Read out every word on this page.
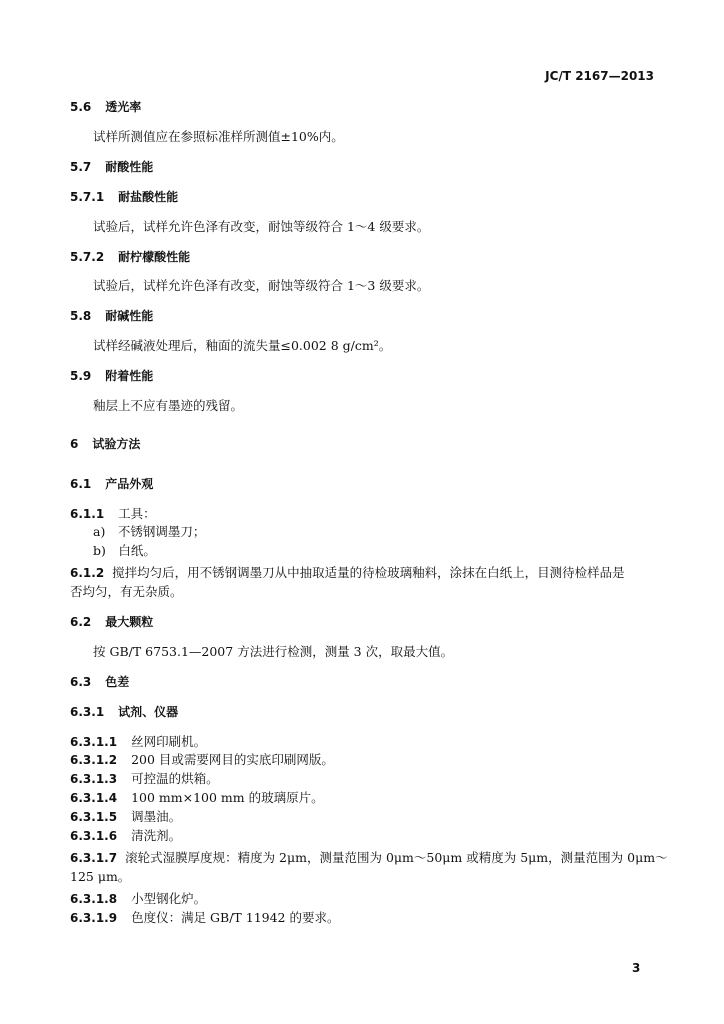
JC/T 2167—2013
5.6 透光率
试样所测值应在参照标准样所测值±10%内。
5.7 耐酸性能
5.7.1 耐盐酸性能
试验后，试样允许色泽有改变，耐蚀等级符合 1～4 级要求。
5.7.2 耐柠檬酸性能
试验后，试样允许色泽有改变，耐蚀等级符合 1～3 级要求。
5.8 耐碱性能
试样经碱液处理后，釉面的流失量≤0.002 8 g/cm²。
5.9 附着性能
釉层上不应有墨迹的残留。
6 试验方法
6.1 产品外观
6.1.1 工具：
a)　不锈钢调墨刀；
b)　白纸。
6.1.2 搅拌均匀后，用不锈钢调墨刀从中抽取适量的待检玻璃釉料，涂抹在白纸上，目测待检样品是
否均匀，有无杂质。
6.2 最大颗粒
按 GB/T 6753.1—2007 方法进行检测，测量 3 次，取最大值。
6.3 色差
6.3.1 试剂、仪器
6.3.1.1 丝网印刷机。
6.3.1.2 200 目或需要网目的实底印刷网版。
6.3.1.3 可控温的烘箱。
6.3.1.4 100 mm×100 mm 的玻璃原片。
6.3.1.5 调墨油。
6.3.1.6 清洗剂。
6.3.1.7 滚轮式湿膜厚度规：精度为 2μm，测量范围为 0μm～50μm 或精度为 5μm，测量范围为 0μm～
125 μm。
6.3.1.8 小型钢化炉。
6.3.1.9 色度仪：满足 GB/T 11942 的要求。
3
